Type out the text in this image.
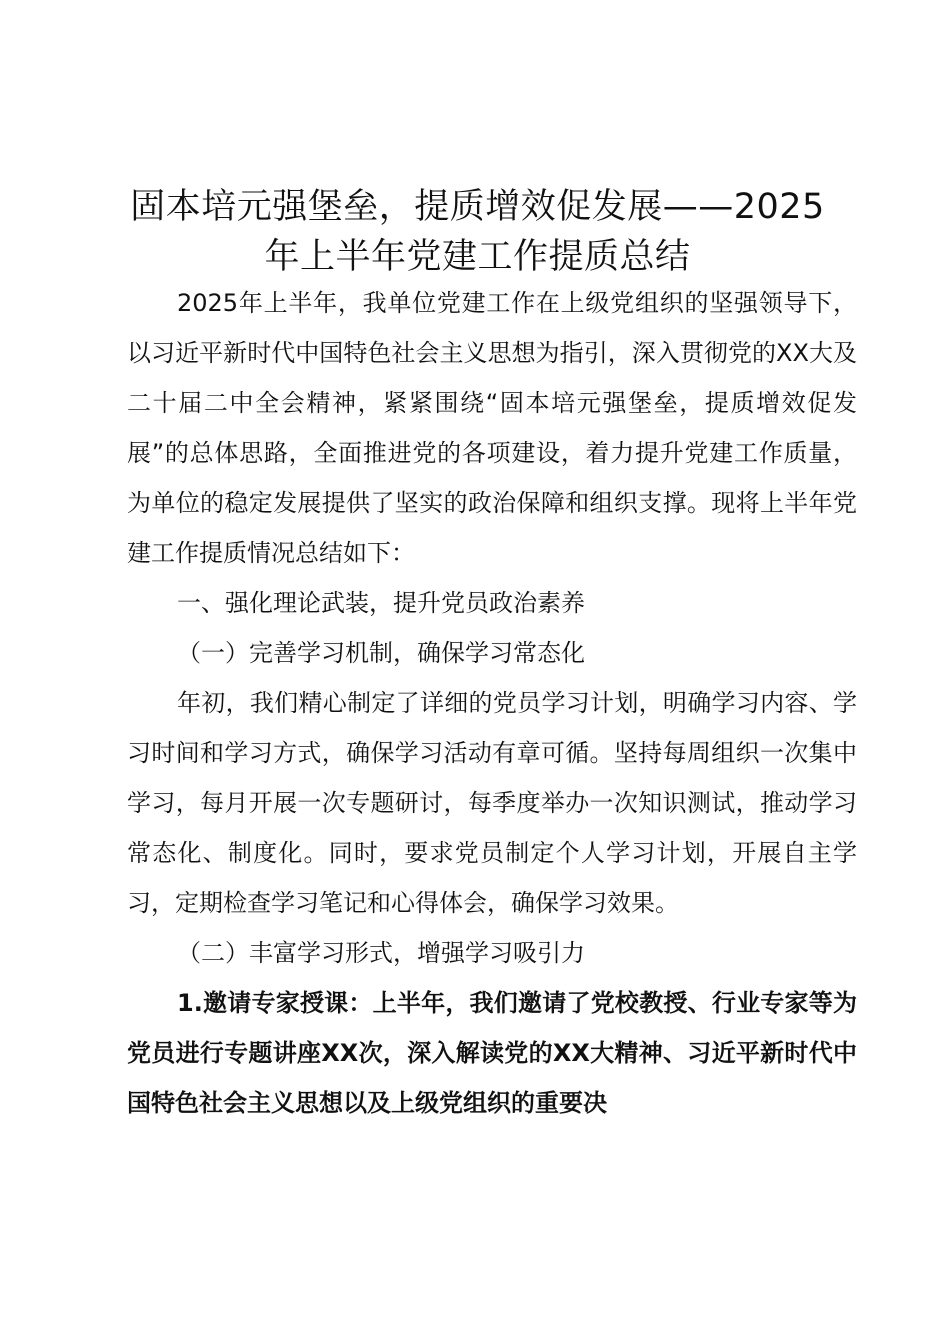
固本培元强堡垒，提质增效促发展——2025年上半年党建工作提质总结

2025年上半年，我单位党建工作在上级党组织的坚强领导下，以习近平新时代中国特色社会主义思想为指引，深入贯彻党的XX大及二十届二中全会精神，紧紧围绕“固本培元强堡垒，提质增效促发展”的总体思路，全面推进党的各项建设，着力提升党建工作质量，为单位的稳定发展提供了坚实的政治保障和组织支撑。现将上半年党建工作提质情况总结如下：

一、强化理论武装，提升党员政治素养

（一）完善学习机制，确保学习常态化

年初，我们精心制定了详细的党员学习计划，明确学习内容、学习时间和学习方式，确保学习活动有章可循。坚持每周组织一次集中学习，每月开展一次专题研讨，每季度举办一次知识测试，推动学习常态化、制度化。同时，要求党员制定个人学习计划，开展自主学习，定期检查学习笔记和心得体会，确保学习效果。

（二）丰富学习形式，增强学习吸引力

1.邀请专家授课：上半年，我们邀请了党校教授、行业专家等为党员进行专题讲座XX次，深入解读党的XX大精神、习近平新时代中国特色社会主义思想以及上级党组织的重要决
